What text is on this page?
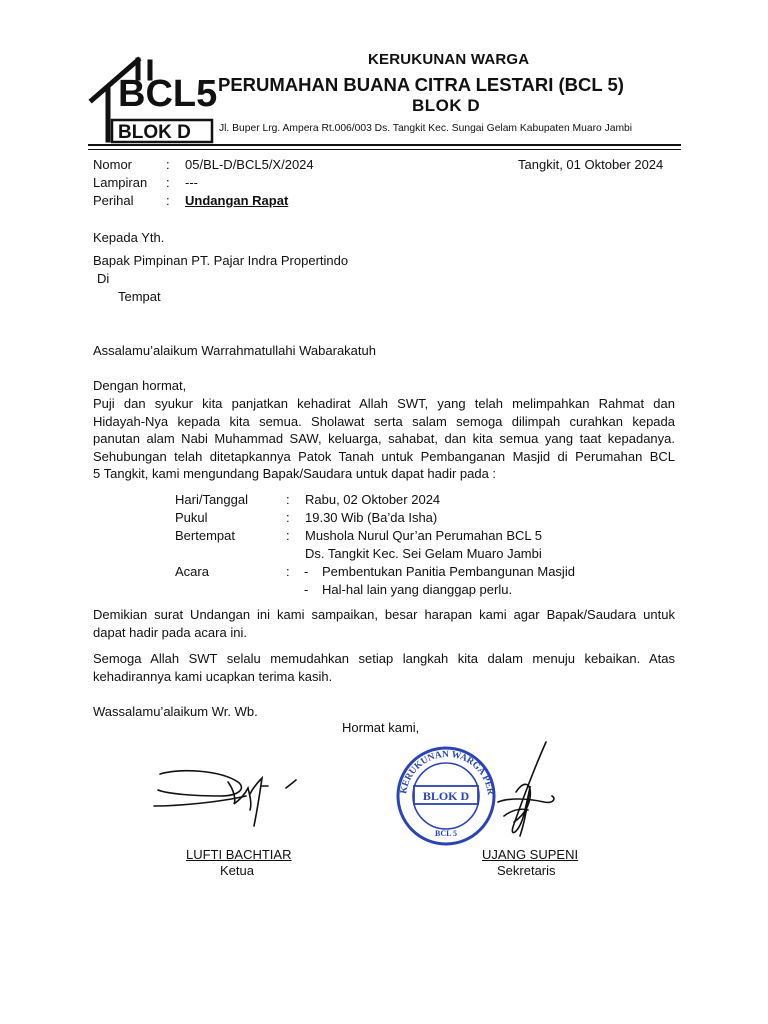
BCL5
BLOK D
KERUKUNAN WARGA
PERUMAHAN BUANA CITRA LESTARI (BCL 5)
BLOK D
Jl. Buper Lrg. Ampera Rt.006/003 Ds. Tangkit Kec. Sungai Gelam Kabupaten Muaro Jambi
Nomor	: 05/BL-D/BCL5/X/2024	Tangkit, 01 Oktober 2024
Lampiran	: ---
Perihal	: Undangan Rapat
Kepada Yth.
Bapak Pimpinan PT. Pajar Indra Propertindo
Di
Tempat
Assalamu’alaikum Warrahmatullahi Wabarakatuh
Dengan hormat,
Puji dan syukur kita panjatkan kehadirat Allah SWT, yang telah melimpahkan Rahmat dan
Hidayah-Nya kepada kita semua. Sholawat serta salam semoga dilimpah curahkan kepada
panutan alam Nabi Muhammad SAW, keluarga, sahabat, dan kita semua yang taat kepadanya.
Sehubungan telah ditetapkannya Patok Tanah untuk Pembanganan Masjid di Perumahan BCL
5 Tangkit, kami mengundang Bapak/Saudara untuk dapat hadir pada :
Hari/Tanggal	: Rabu, 02 Oktober 2024
Pukul	: 19.30 Wib (Ba’da Isha)
Bertempat	: Mushola Nurul Qur’an Perumahan BCL 5
Ds. Tangkit Kec. Sei Gelam Muaro Jambi
Acara	: - Pembentukan Panitia Pembangunan Masjid
- Hal-hal lain yang dianggap perlu.
Demikian surat Undangan ini kami sampaikan, besar harapan kami agar Bapak/Saudara untuk
dapat hadir pada acara ini.
Semoga Allah SWT selalu memudahkan setiap langkah kita dalam menuju kebaikan. Atas
kehadirannya kami ucapkan terima kasih.
Wassalamu’alaikum Wr. Wb.
Hormat kami,
KERUKUNAN WARGA PERUMAHAN
BLOK D
BCL 5
LUFTI BACHTIAR
Ketua
UJANG SUPENI
Sekretaris
